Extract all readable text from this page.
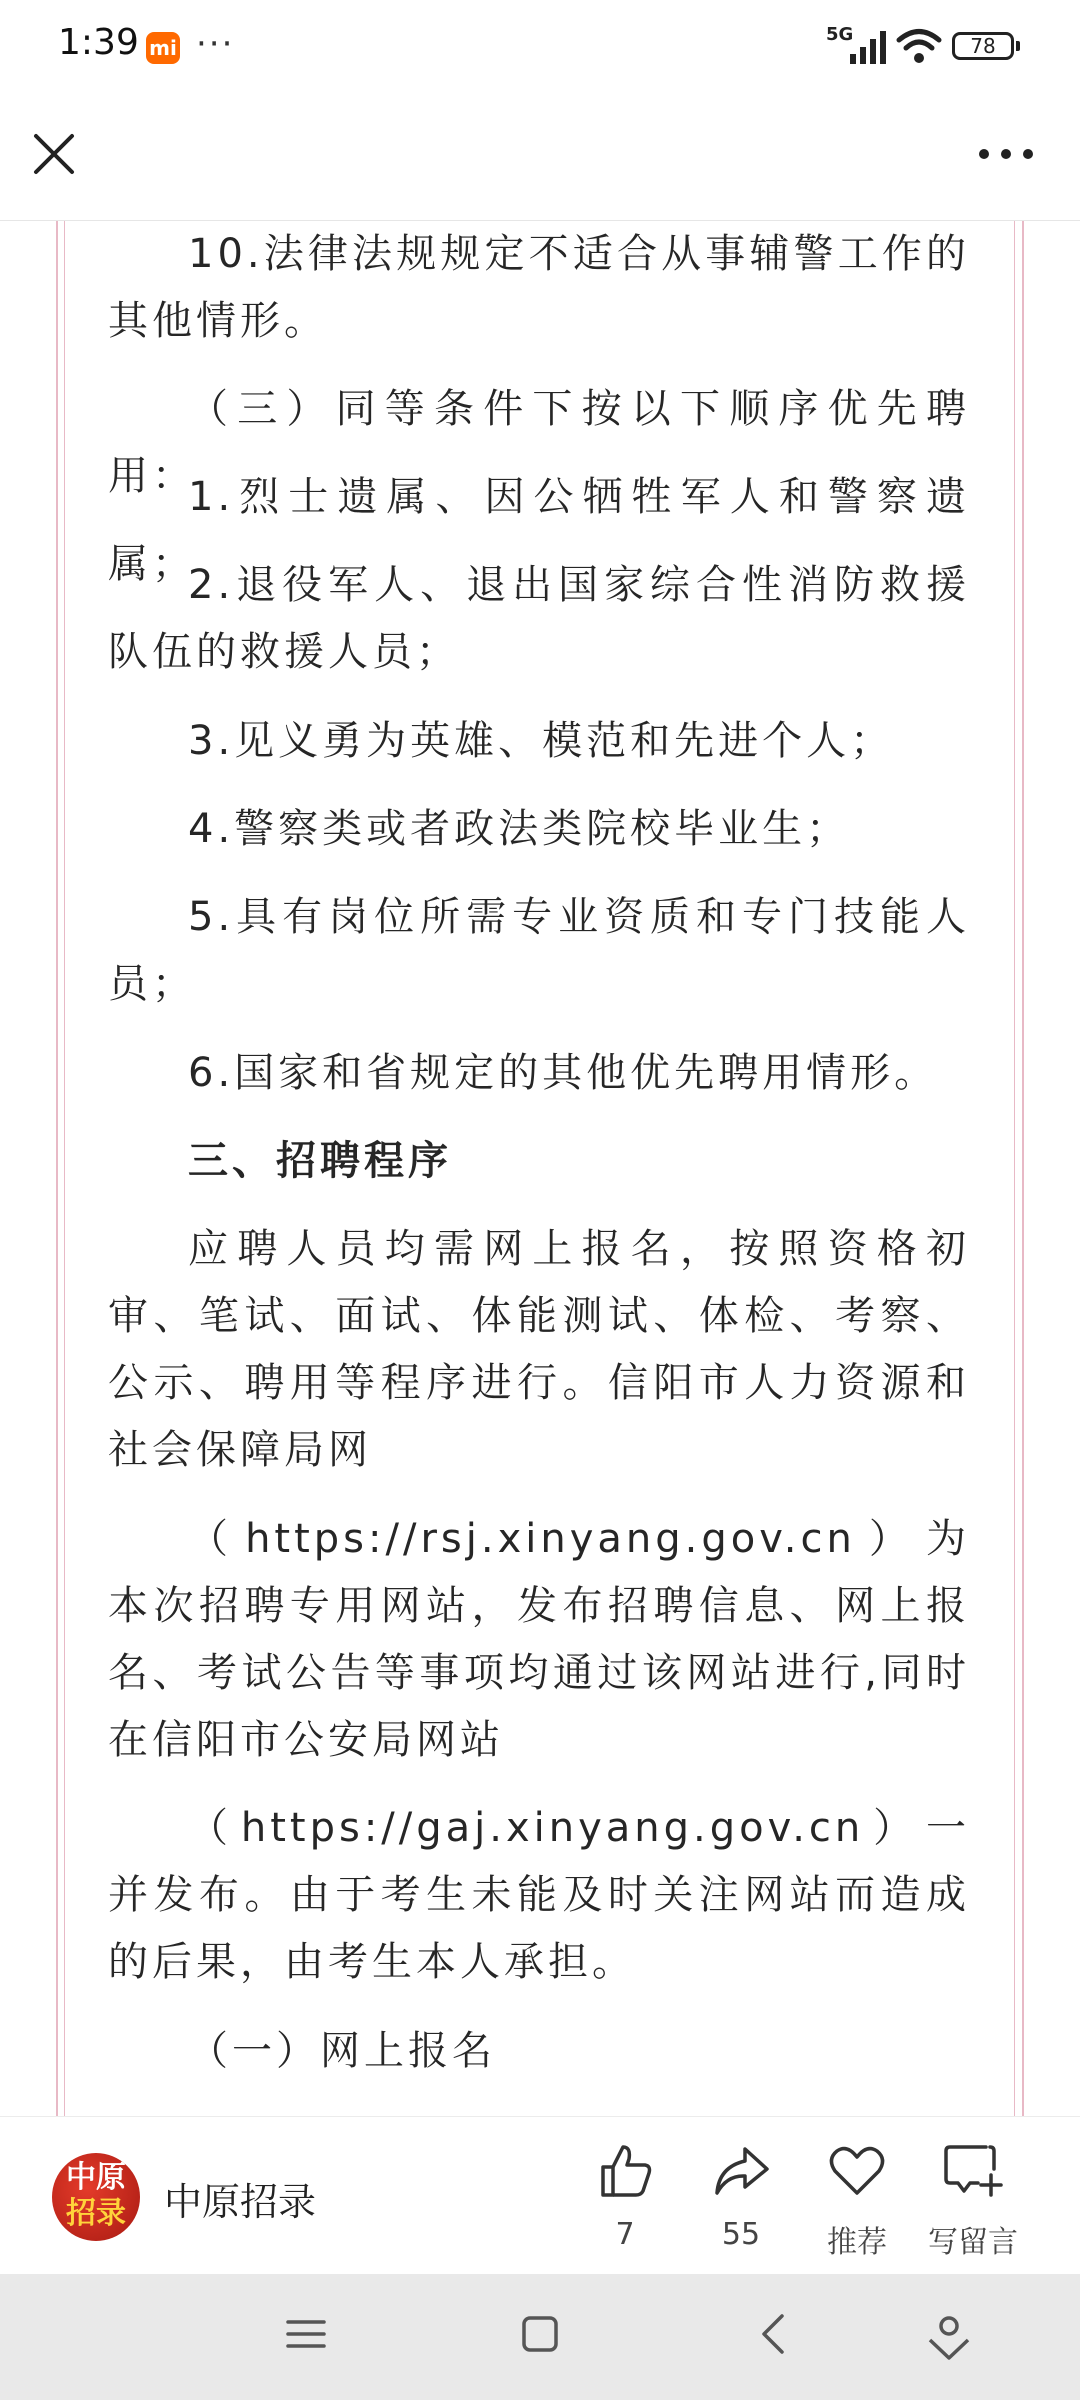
1:39 mi ···	5G	78

10.法律法规规定不适合从事辅警工作的其他情形。

（三）同等条件下按以下顺序优先聘用：

1.烈士遗属、因公牺牲军人和警察遗属；

2.退役军人、退出国家综合性消防救援队伍的救援人员；

3.见义勇为英雄、模范和先进个人；

4.警察类或者政法类院校毕业生；

5.具有岗位所需专业资质和专门技能人员；

6.国家和省规定的其他优先聘用情形。

三、招聘程序

应聘人员均需网上报名，按照资格初审、笔试、面试、体能测试、体检、考察、公示、聘用等程序进行。信阳市人力资源和社会保障局网

（https://rsj.xinyang.gov.cn）为本次招聘专用网站，发布招聘信息、网上报名、考试公告等事项均通过该网站进行,同时在信阳市公安局网站

（https://gaj.xinyang.gov.cn）一并发布。由于考生未能及时关注网站而造成的后果，由考生本人承担。

（一）网上报名

中原
招录	中原招录
7	55	推荐	写留言
